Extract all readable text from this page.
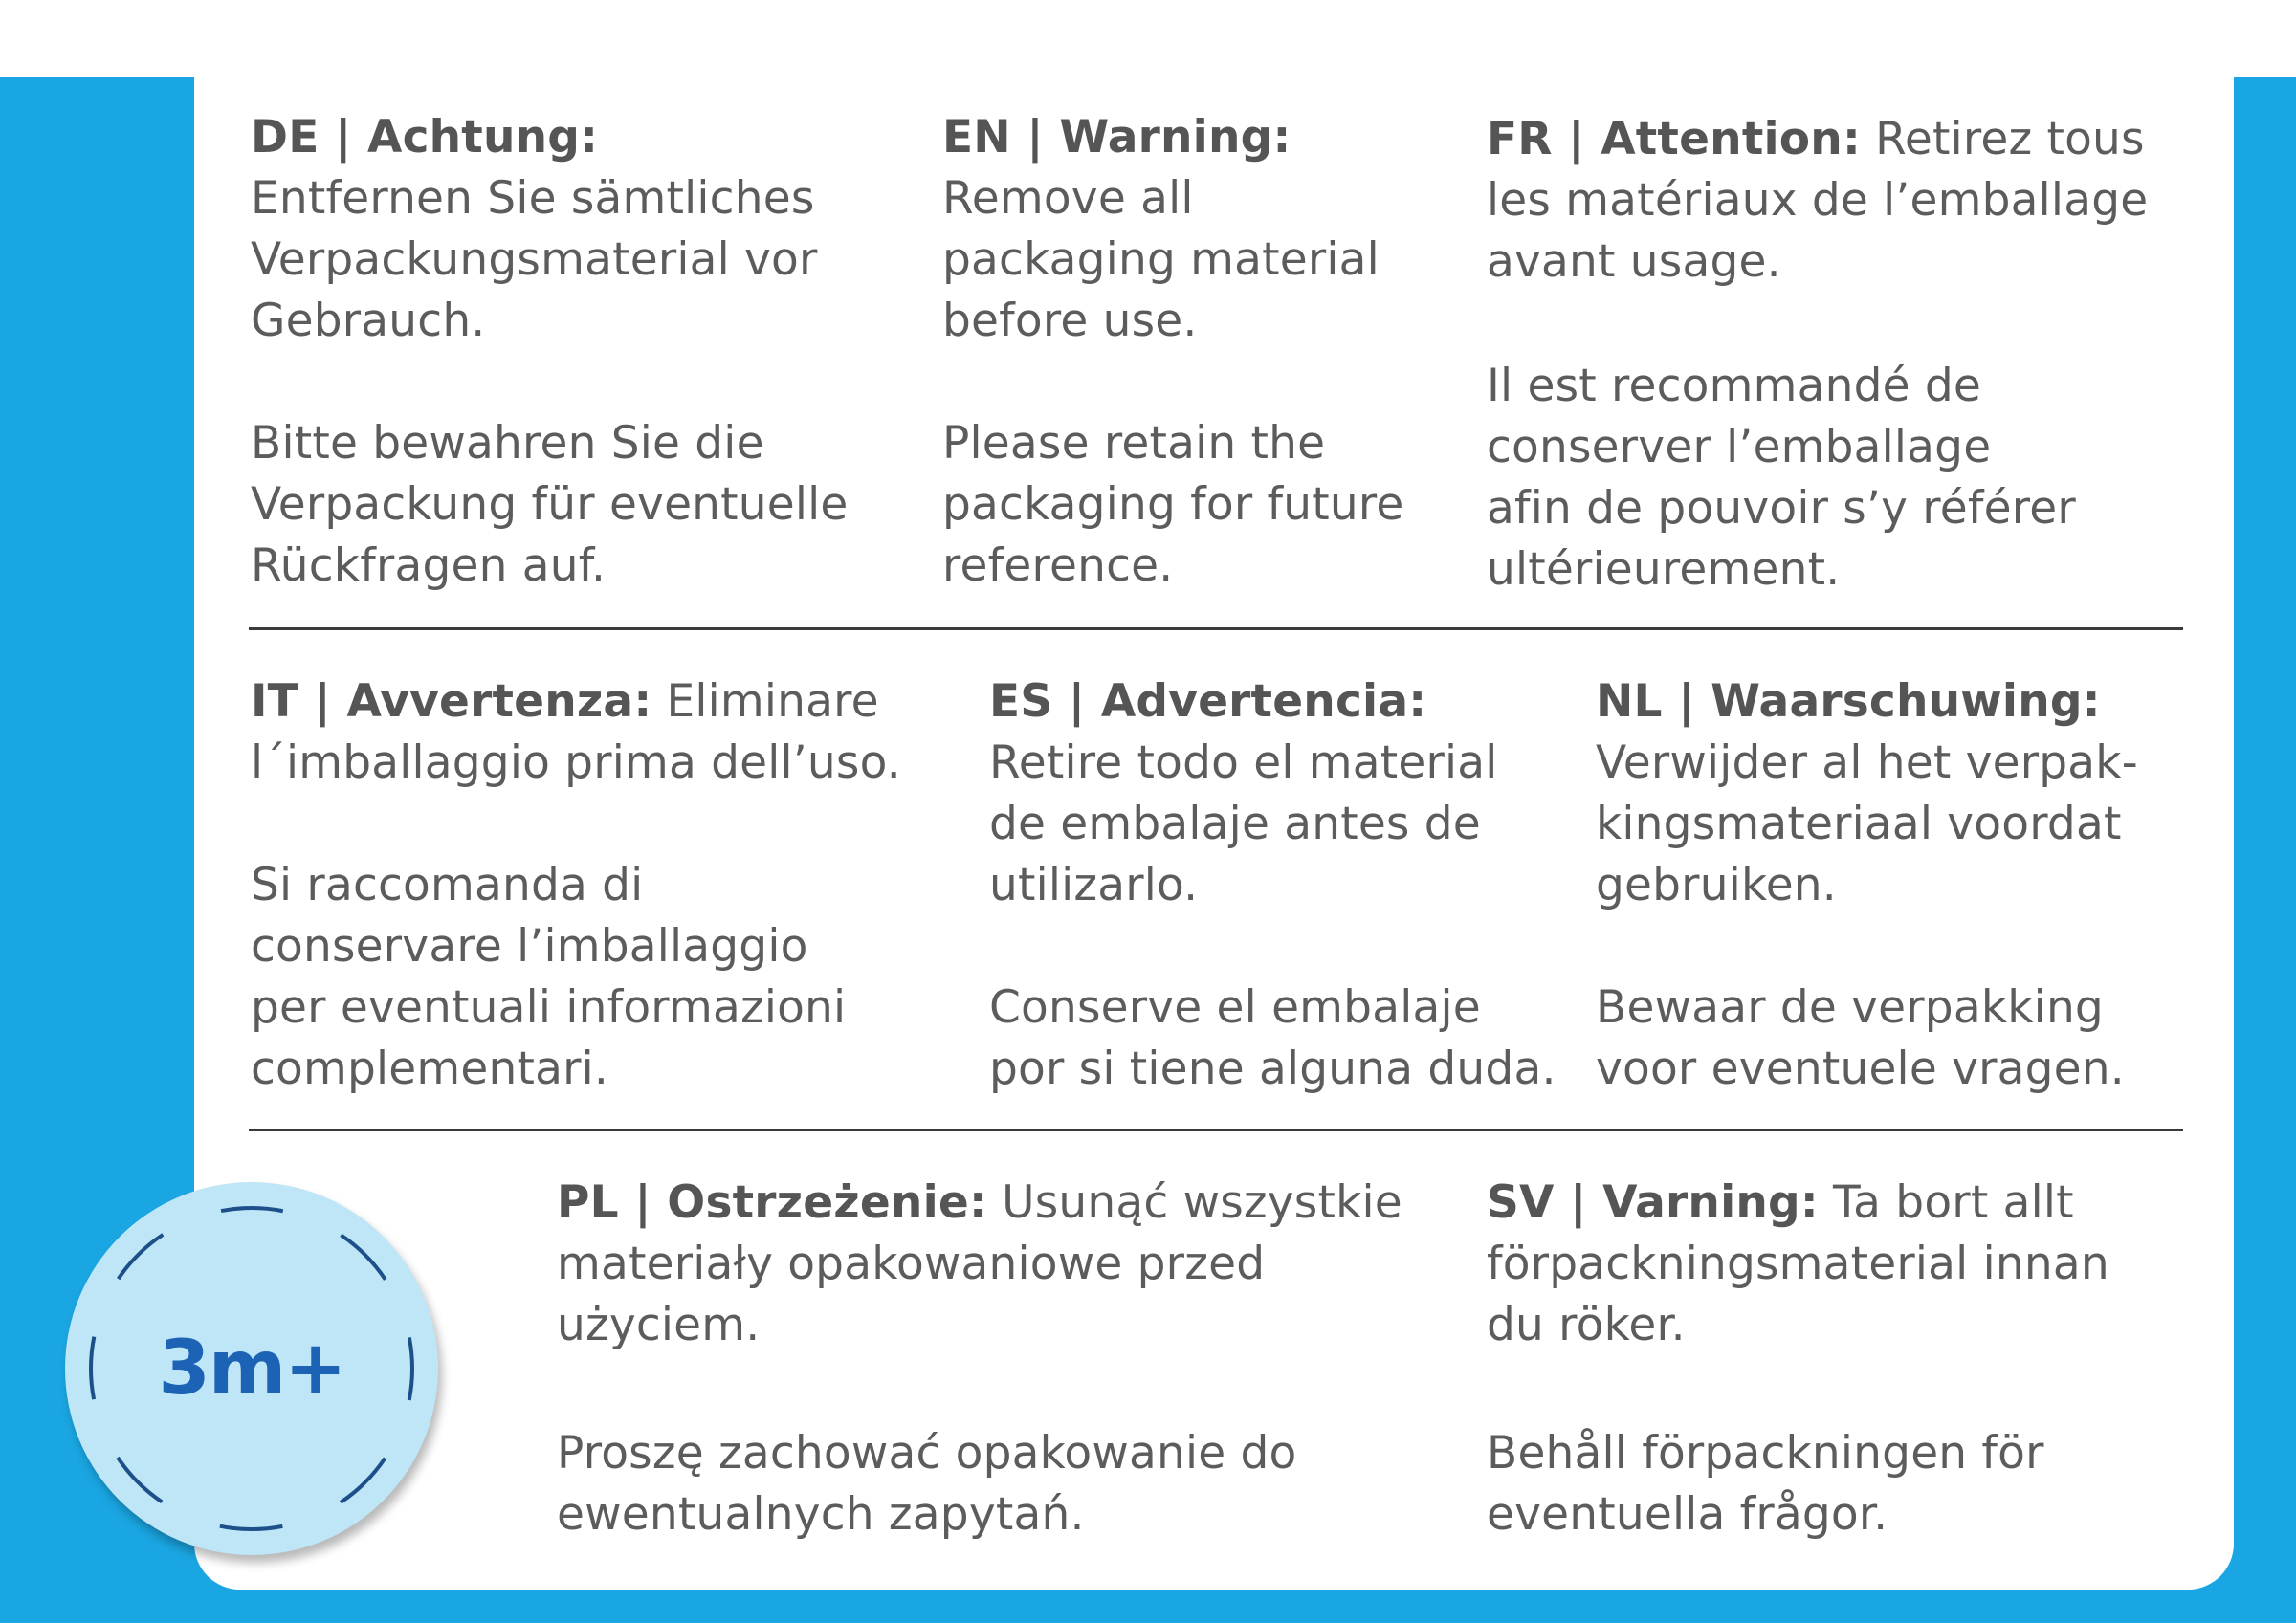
DE | Achtung:
Entfernen Sie sämtliches
Verpackungsmaterial vor
Gebrauch.

Bitte bewahren Sie die
Verpackung für eventuelle
Rückfragen auf.

EN | Warning:
Remove all
packaging material
before use.

Please retain the
packaging for future
reference.

FR | Attention: Retirez tous
les matériaux de l’emballage
avant usage.

Il est recommandé de
conserver l’emballage
afin de pouvoir s’y référer
ultérieurement.

IT | Avvertenza: Eliminare
l´imballaggio prima dell’uso.

Si raccomanda di
conservare l’imballaggio
per eventuali informazioni
complementari.

ES | Advertencia:
Retire todo el material
de embalaje antes de
utilizarlo.

Conserve el embalaje
por si tiene alguna duda.

NL | Waarschuwing:
Verwijder al het verpak-
kingsmateriaal voordat
gebruiken.

Bewaar de verpakking
voor eventuele vragen.

PL | Ostrzeżenie: Usunąć wszystkie
materiały opakowaniowe przed
użyciem.

Proszę zachować opakowanie do
ewentualnych zapytań.

SV | Varning: Ta bort allt
förpackningsmaterial innan
du röker.

Behåll förpackningen för
eventuella frågor.

3m+
